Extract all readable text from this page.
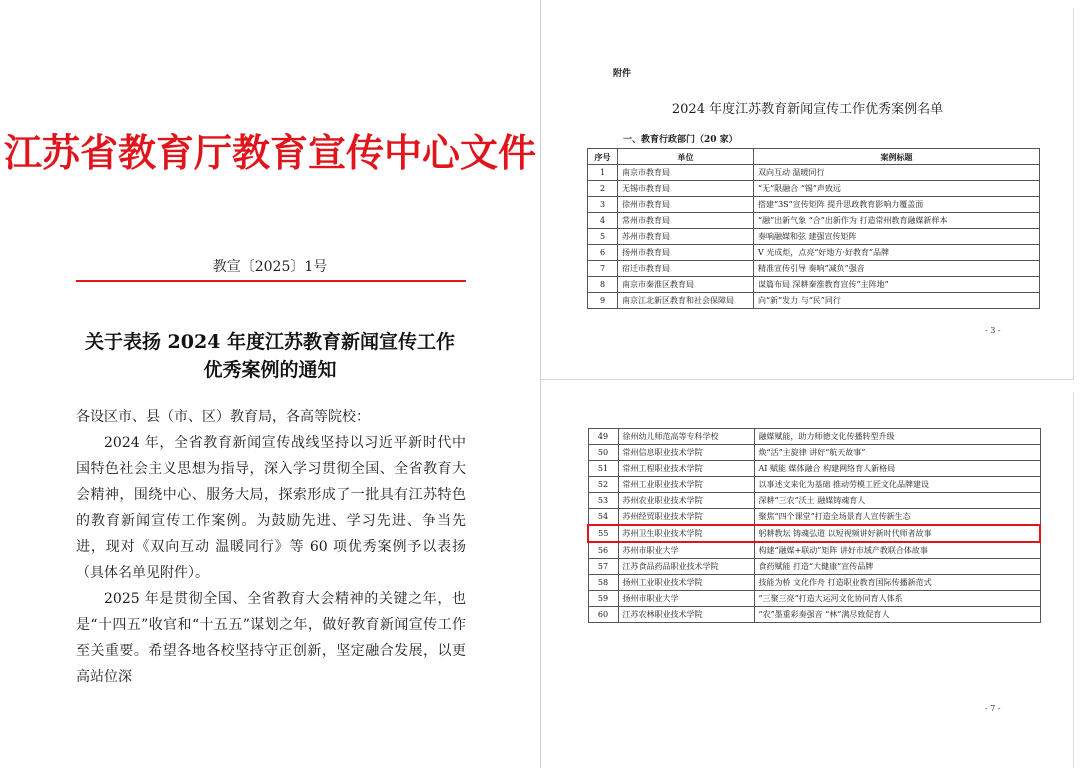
江苏省教育厅教育宣传中心文件
教宣〔2025〕1号
关于表扬 2024 年度江苏教育新闻宣传工作
优秀案例的通知
各设区市、县（市、区）教育局，各高等院校：

2024 年，全省教育新闻宣传战线坚持以习近平新时代中国特色社会主义思想为指导，深入学习贯彻全国、全省教育大会精神，围绕中心、服务大局，探索形成了一批具有江苏特色的教育新闻宣传工作案例。为鼓励先进、学习先进、争当先进，现对《双向互动 温暖同行》等 60 项优秀案例予以表扬（具体名单见附件）。

2025 年是贯彻全国、全省教育大会精神的关键之年，也是“十四五”收官和“十五五”谋划之年，做好教育新闻宣传工作至关重要。希望各地各校坚持守正创新，坚定融合发展，以更高站位深

附件
2024 年度江苏教育新闻宣传工作优秀案例名单
一、教育行政部门（20 家）
序号	单位	案例标题
1	南京市教育局	双向互动 温暖同行
2	无锡市教育局	“无”限融合 “锡”声致远
3	徐州市教育局	搭建“3S”宣传矩阵 提升思政教育影响力覆盖面
4	常州市教育局	“融”出新气象 “合”出新作为 打造常州教育融媒新样本
5	苏州市教育局	奏响融媒和弦 建强宣传矩阵
6	扬州市教育局	V 光成炬，点亮“好地方·好教育”品牌
7	宿迁市教育局	精准宣传引导 奏响“减负”强音
8	南京市秦淮区教育局	谋篇布局 深耕秦淮教育宣传“主阵地”
9	南京江北新区教育和社会保障局	向“新”发力 与“民”同行
- 3 -
49	徐州幼儿师范高等专科学校	融媒赋能，助力师德文化传播转型升级
50	常州信息职业技术学院	焕“活”主旋律 讲好“航天故事”
51	常州工程职业技术学院	AI 赋能 媒体融合 构建网络育人新格局
52	常州工业职业技术学院	以事述文来化为基础 推动劳模工匠文化品牌建设
53	苏州农业职业技术学院	深耕“三农”沃土 融媒铸魂育人
54	苏州经贸职业技术学院	聚焦“四个课堂”打造全场景育人宣传新生态
55	苏州卫生职业技术学院	躬耕教坛 铸魂弘道 以短视频讲好新时代师者故事
56	苏州市职业大学	构建“融媒+联动”矩阵 讲好市域产教联合体故事
57	江苏食品药品职业技术学院	食药赋能 打造“大健康”宣传品牌
58	扬州工业职业技术学院	技能为桥 文化作舟 打造职业教育国际传播新范式
59	扬州市职业大学	“三聚三亮”打造大运河文化协同育人体系
60	江苏农林职业技术学院	“农”墨重彩奏强音 “林”满尽致促育人
- 7 -
